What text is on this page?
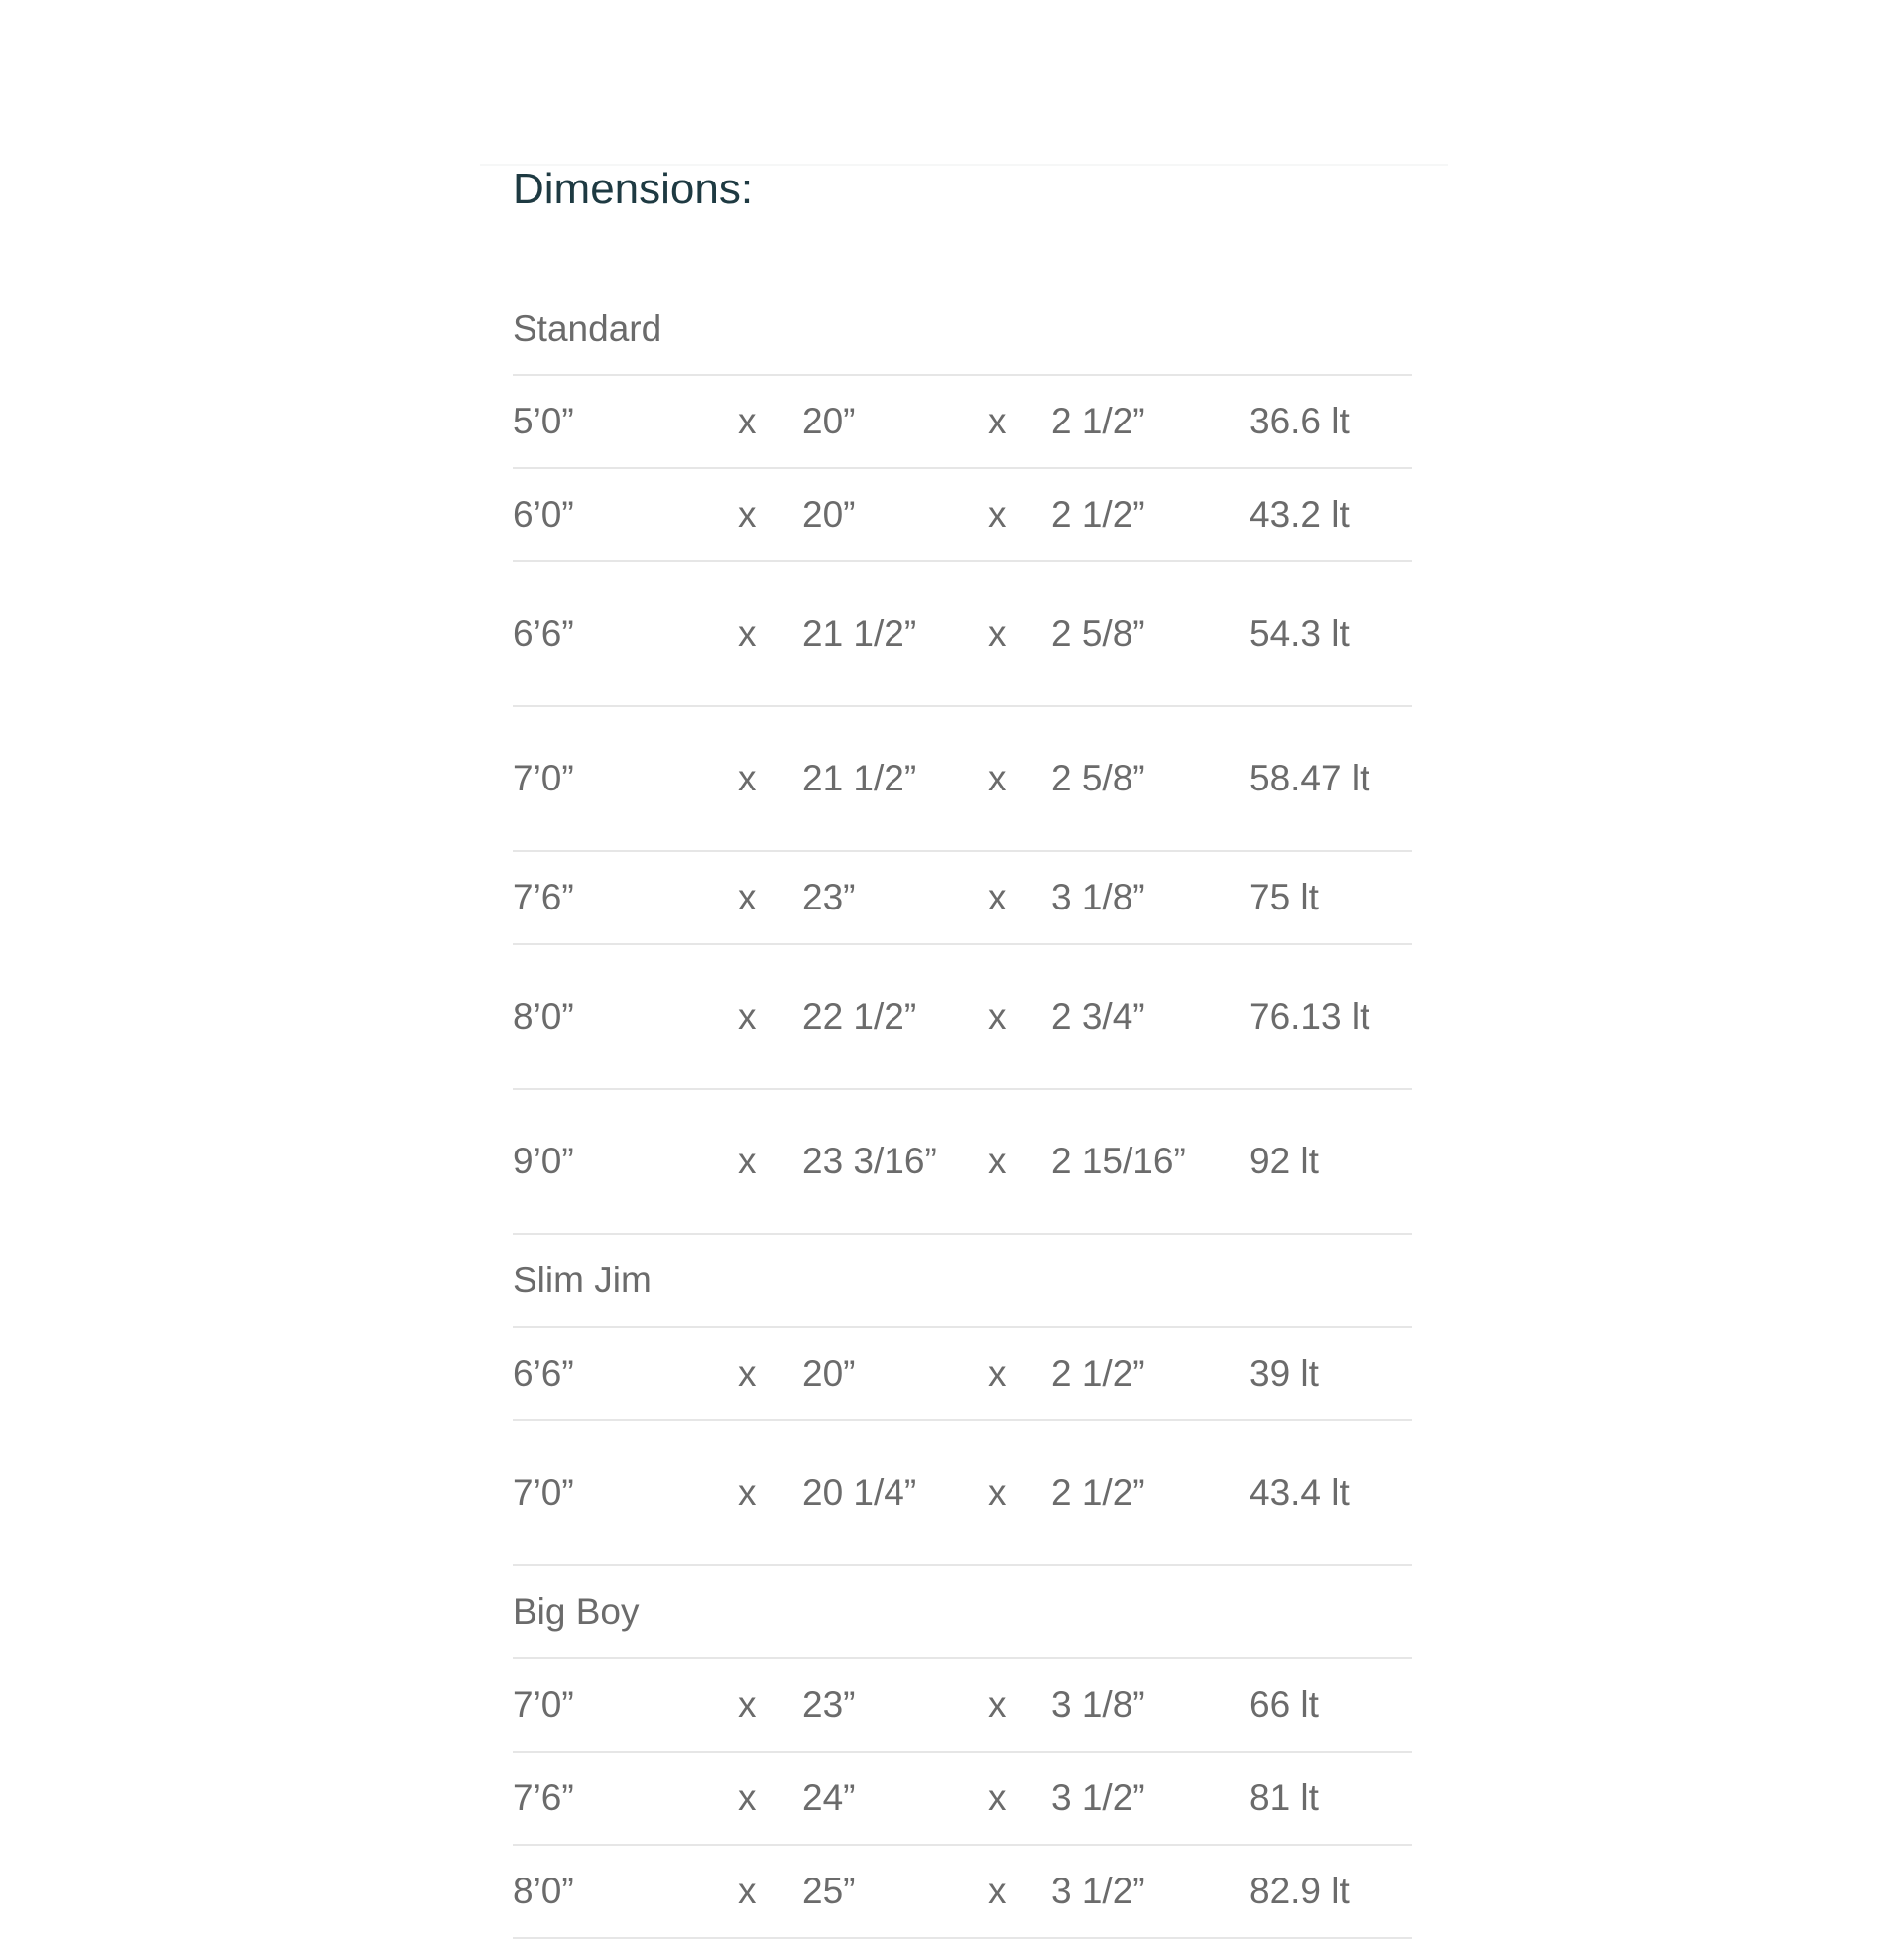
Dimensions:
Standard
5’0”	x	20”	x	2 1/2”	36.6 lt
6’0”	x	20”	x	2 1/2”	43.2 lt
6’6”	x	21 1/2”	x	2 5/8”	54.3 lt
7’0”	x	21 1/2”	x	2 5/8”	58.47 lt
7’6”	x	23”	x	3 1/8”	75 lt
8’0”	x	22 1/2”	x	2 3/4”	76.13 lt
9’0”	x	23 3/16”	x	2 15/16”	92 lt
Slim Jim
6’6”	x	20”	x	2 1/2”	39 lt
7’0”	x	20 1/4”	x	2 1/2”	43.4 lt
Big Boy
7’0”	x	23”	x	3 1/8”	66 lt
7’6”	x	24”	x	3 1/2”	81 lt
8’0”	x	25”	x	3 1/2”	82.9 lt
